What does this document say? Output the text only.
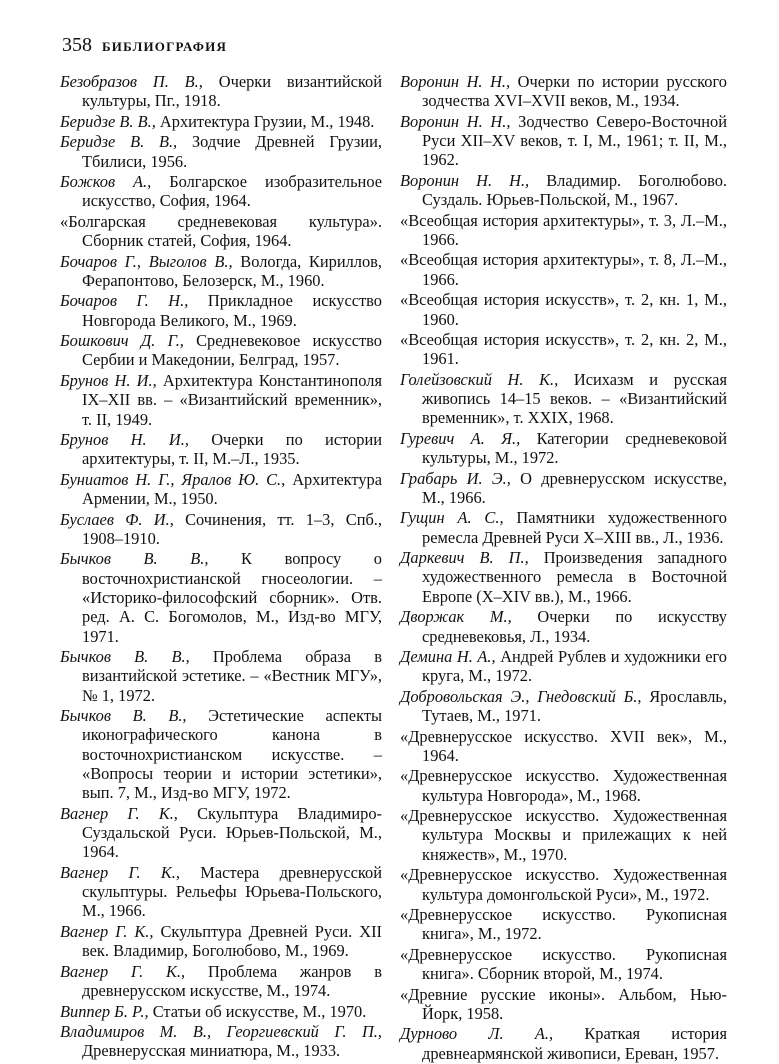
358 БИБЛИОГРАФИЯ
Безобразов П. В., Очерки византийской культуры, Пг., 1918.
Беридзе В. В., Архитектура Грузии, М., 1948.
Беридзе В. В., Зодчие Древней Грузии, Тбилиси, 1956.
Божков А., Болгарское изобразительное искусство, София, 1964.
«Болгарская средневековая культура». Сборник статей, София, 1964.
Бочаров Г., Выголов В., Вологда, Кириллов, Ферапонтово, Белозерск, М., 1960.
Бочаров Г. Н., Прикладное искусство Новгорода Великого, М., 1969.
Бошкович Д. Г., Средневековое искусство Сербии и Македонии, Белград, 1957.
Брунов Н. И., Архитектура Константинополя IX–XII вв. – «Византийский временник», т. II, 1949.
Брунов Н. И., Очерки по истории архитектуры, т. II, М.–Л., 1935.
Буниатов Н. Г., Яралов Ю. С., Архитектура Армении, М., 1950.
Буслаев Ф. И., Сочинения, тт. 1–3, Спб., 1908–1910.
Бычков В. В., К вопросу о восточнохристианской гносеологии. – «Историко-философский сборник». Отв. ред. А. С. Богомолов, М., Изд-во МГУ, 1971.
Бычков В. В., Проблема образа в византийской эстетике. – «Вестник МГУ», № 1, 1972.
Бычков В. В., Эстетические аспекты иконографического канона в восточнохристианском искусстве. – «Вопросы теории и истории эстетики», вып. 7, М., Изд-во МГУ, 1972.
Вагнер Г. К., Скульптура Владимиро-Суздальской Руси. Юрьев-Польской, М., 1964.
Вагнер Г. К., Мастера древнерусской скульптуры. Рельефы Юрьева-Польского, М., 1966.
Вагнер Г. К., Скульптура Древней Руси. XII век. Владимир, Боголюбово, М., 1969.
Вагнер Г. К., Проблема жанров в древнерусском искусстве, М., 1974.
Виппер Б. Р., Статьи об искусстве, М., 1970.
Владимиров М. В., Георгиевский Г. П., Древнерусская миниатюра, М., 1933.
Воронин Н. Н., Очерки по истории русского зодчества XVI–XVII веков, М., 1934.
Воронин Н. Н., Зодчество Северо-Восточной Руси XII–XV веков, т. I, М., 1961; т. II, М., 1962.
Воронин Н. Н., Владимир. Боголюбово. Суздаль. Юрьев-Польской, М., 1967.
«Всеобщая история архитектуры», т. 3, Л.–М., 1966.
«Всеобщая история архитектуры», т. 8, Л.–М., 1966.
«Всеобщая история искусств», т. 2, кн. 1, М., 1960.
«Всеобщая история искусств», т. 2, кн. 2, М., 1961.
Голейзовский Н. К., Исихазм и русская живопись 14–15 веков. – «Византийский временник», т. XXIX, 1968.
Гуревич А. Я., Категории средневековой культуры, М., 1972.
Грабарь И. Э., О древнерусском искусстве, М., 1966.
Гущин А. С., Памятники художественного ремесла Древней Руси X–XIII вв., Л., 1936.
Даркевич В. П., Произведения западного художественного ремесла в Восточной Европе (X–XIV вв.), М., 1966.
Дворжак М., Очерки по искусству средневековья, Л., 1934.
Демина Н. А., Андрей Рублев и художники его круга, М., 1972.
Добровольская Э., Гнедовский Б., Ярославль, Тутаев, М., 1971.
«Древнерусское искусство. XVII век», М., 1964.
«Древнерусское искусство. Художественная культура Новгорода», М., 1968.
«Древнерусское искусство. Художественная культура Москвы и прилежащих к ней княжеств», М., 1970.
«Древнерусское искусство. Художественная культура домонгольской Руси», М., 1972.
«Древнерусское искусство. Рукописная книга», М., 1972.
«Древнерусское искусство. Рукописная книга». Сборник второй, М., 1974.
«Древние русские иконы». Альбом, Нью-Йорк, 1958.
Дурново Л. А., Краткая история древнеармянской живописи, Ереван, 1957.
